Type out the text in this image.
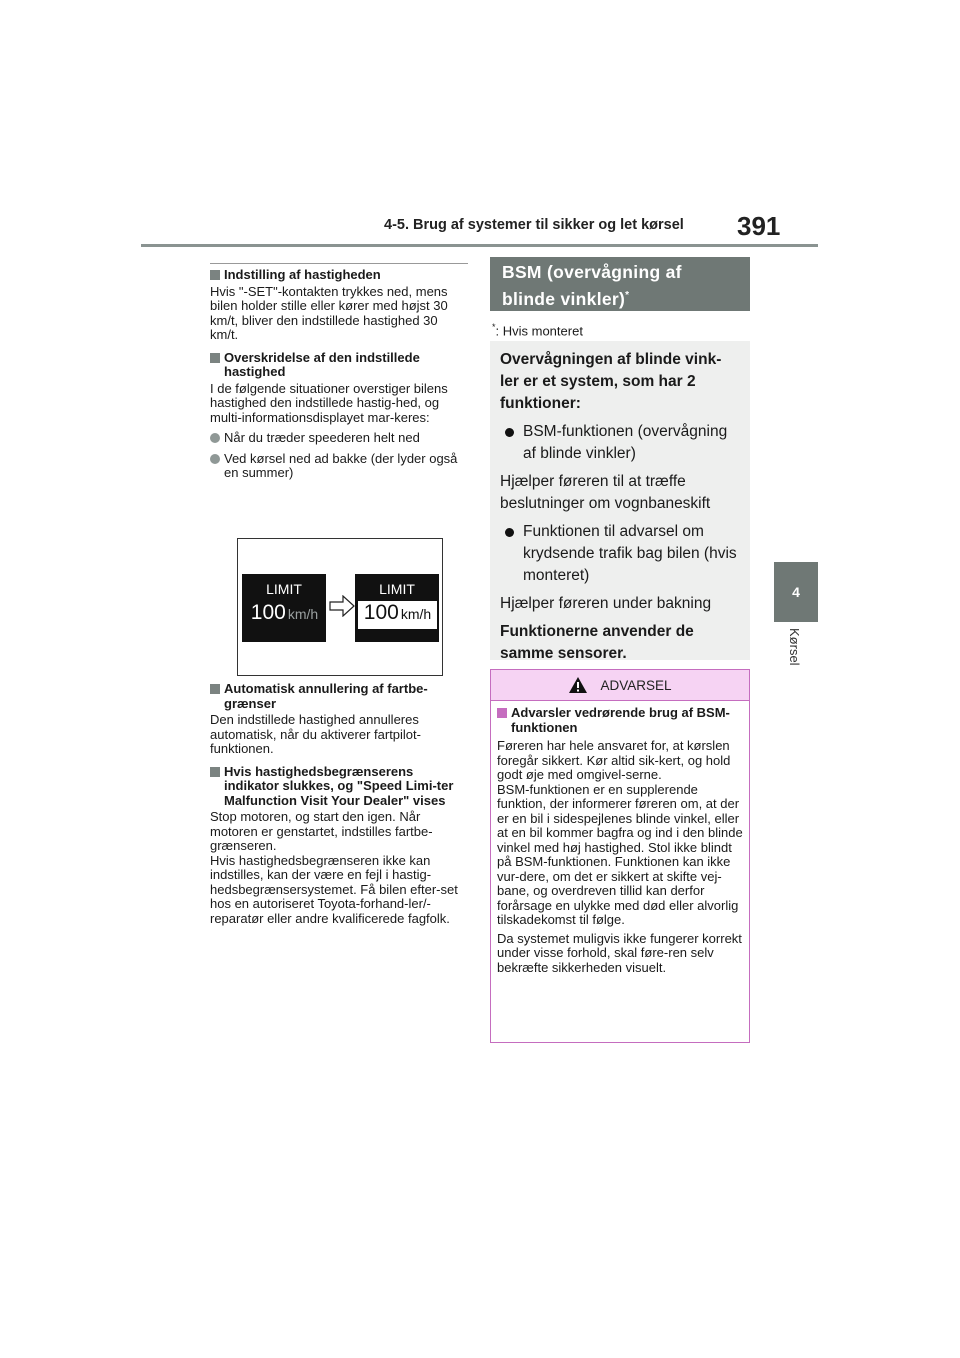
4-5. Brug af systemer til sikker og let kørsel 391
4
Kørsel
Indstilling af hastigheden

Hvis "-SET"-kontakten trykkes ned, mens bilen holder stille eller kører med højst 30 km/t, bliver den indstillede hastighed 30 km/t.

Overskridelse af den indstillede hastighed

I de følgende situationer overstiger bilens hastighed den indstillede hastig-hed, og multi-informationsdisplayet mar-keres:

Når du træder speederen helt ned
Ved kørsel ned ad bakke (der lyder også en summer)
LIMIT
100 km/h
LIMIT
100 km/h
Automatisk annullering af fartbe-grænser

Den indstillede hastighed annulleres automatisk, når du aktiverer fartpilot-funktionen.

Hvis hastighedsbegrænserens indikator slukkes, og "Speed Limi-ter Malfunction Visit Your Dealer" vises

Stop motoren, og start den igen. Når motoren er genstartet, indstilles fartbe-grænseren.

Hvis hastighedsbegrænseren ikke kan indstilles, kan der være en fejl i hastig-hedsbegrænsersystemet. Få bilen efter-set hos en autoriseret Toyota-forhand-ler/-reparatør eller andre kvalificerede fagfolk.

BSM (overvågning af blinde vinkler)*
*: Hvis monteret
Overvågningen af blinde vink-ler er et system, som har 2 funktioner:
BSM-funktionen (overvågning af blinde vinkler)

Hjælper føreren til at træffe beslutninger om vognbaneskift

Funktionen til advarsel om krydsende trafik bag bilen (hvis monteret)

Hjælper føreren under bakning

Funktionerne anvender de samme sensorer.

ADVARSEL
Advarsler vedrørende brug af BSM-funktionen

Føreren har hele ansvaret for, at kørslen foregår sikkert. Kør altid sik-kert, og hold godt øje med omgivel-serne.

BSM-funktionen er en supplerende funktion, der informerer føreren om, at der er en bil i sidespejlenes blinde vinkel, eller at en bil kommer bagfra og ind i den blinde vinkel med høj hastighed. Stol ikke blindt på BSM-funktionen. Funktionen kan ikke vur-dere, om det er sikkert at skifte vej-bane, og overdreven tillid kan derfor forårsage en ulykke med død eller alvorlig tilskadekomst til følge.

Da systemet muligvis ikke fungerer korrekt under visse forhold, skal føre-ren selv bekræfte sikkerheden visuelt.
